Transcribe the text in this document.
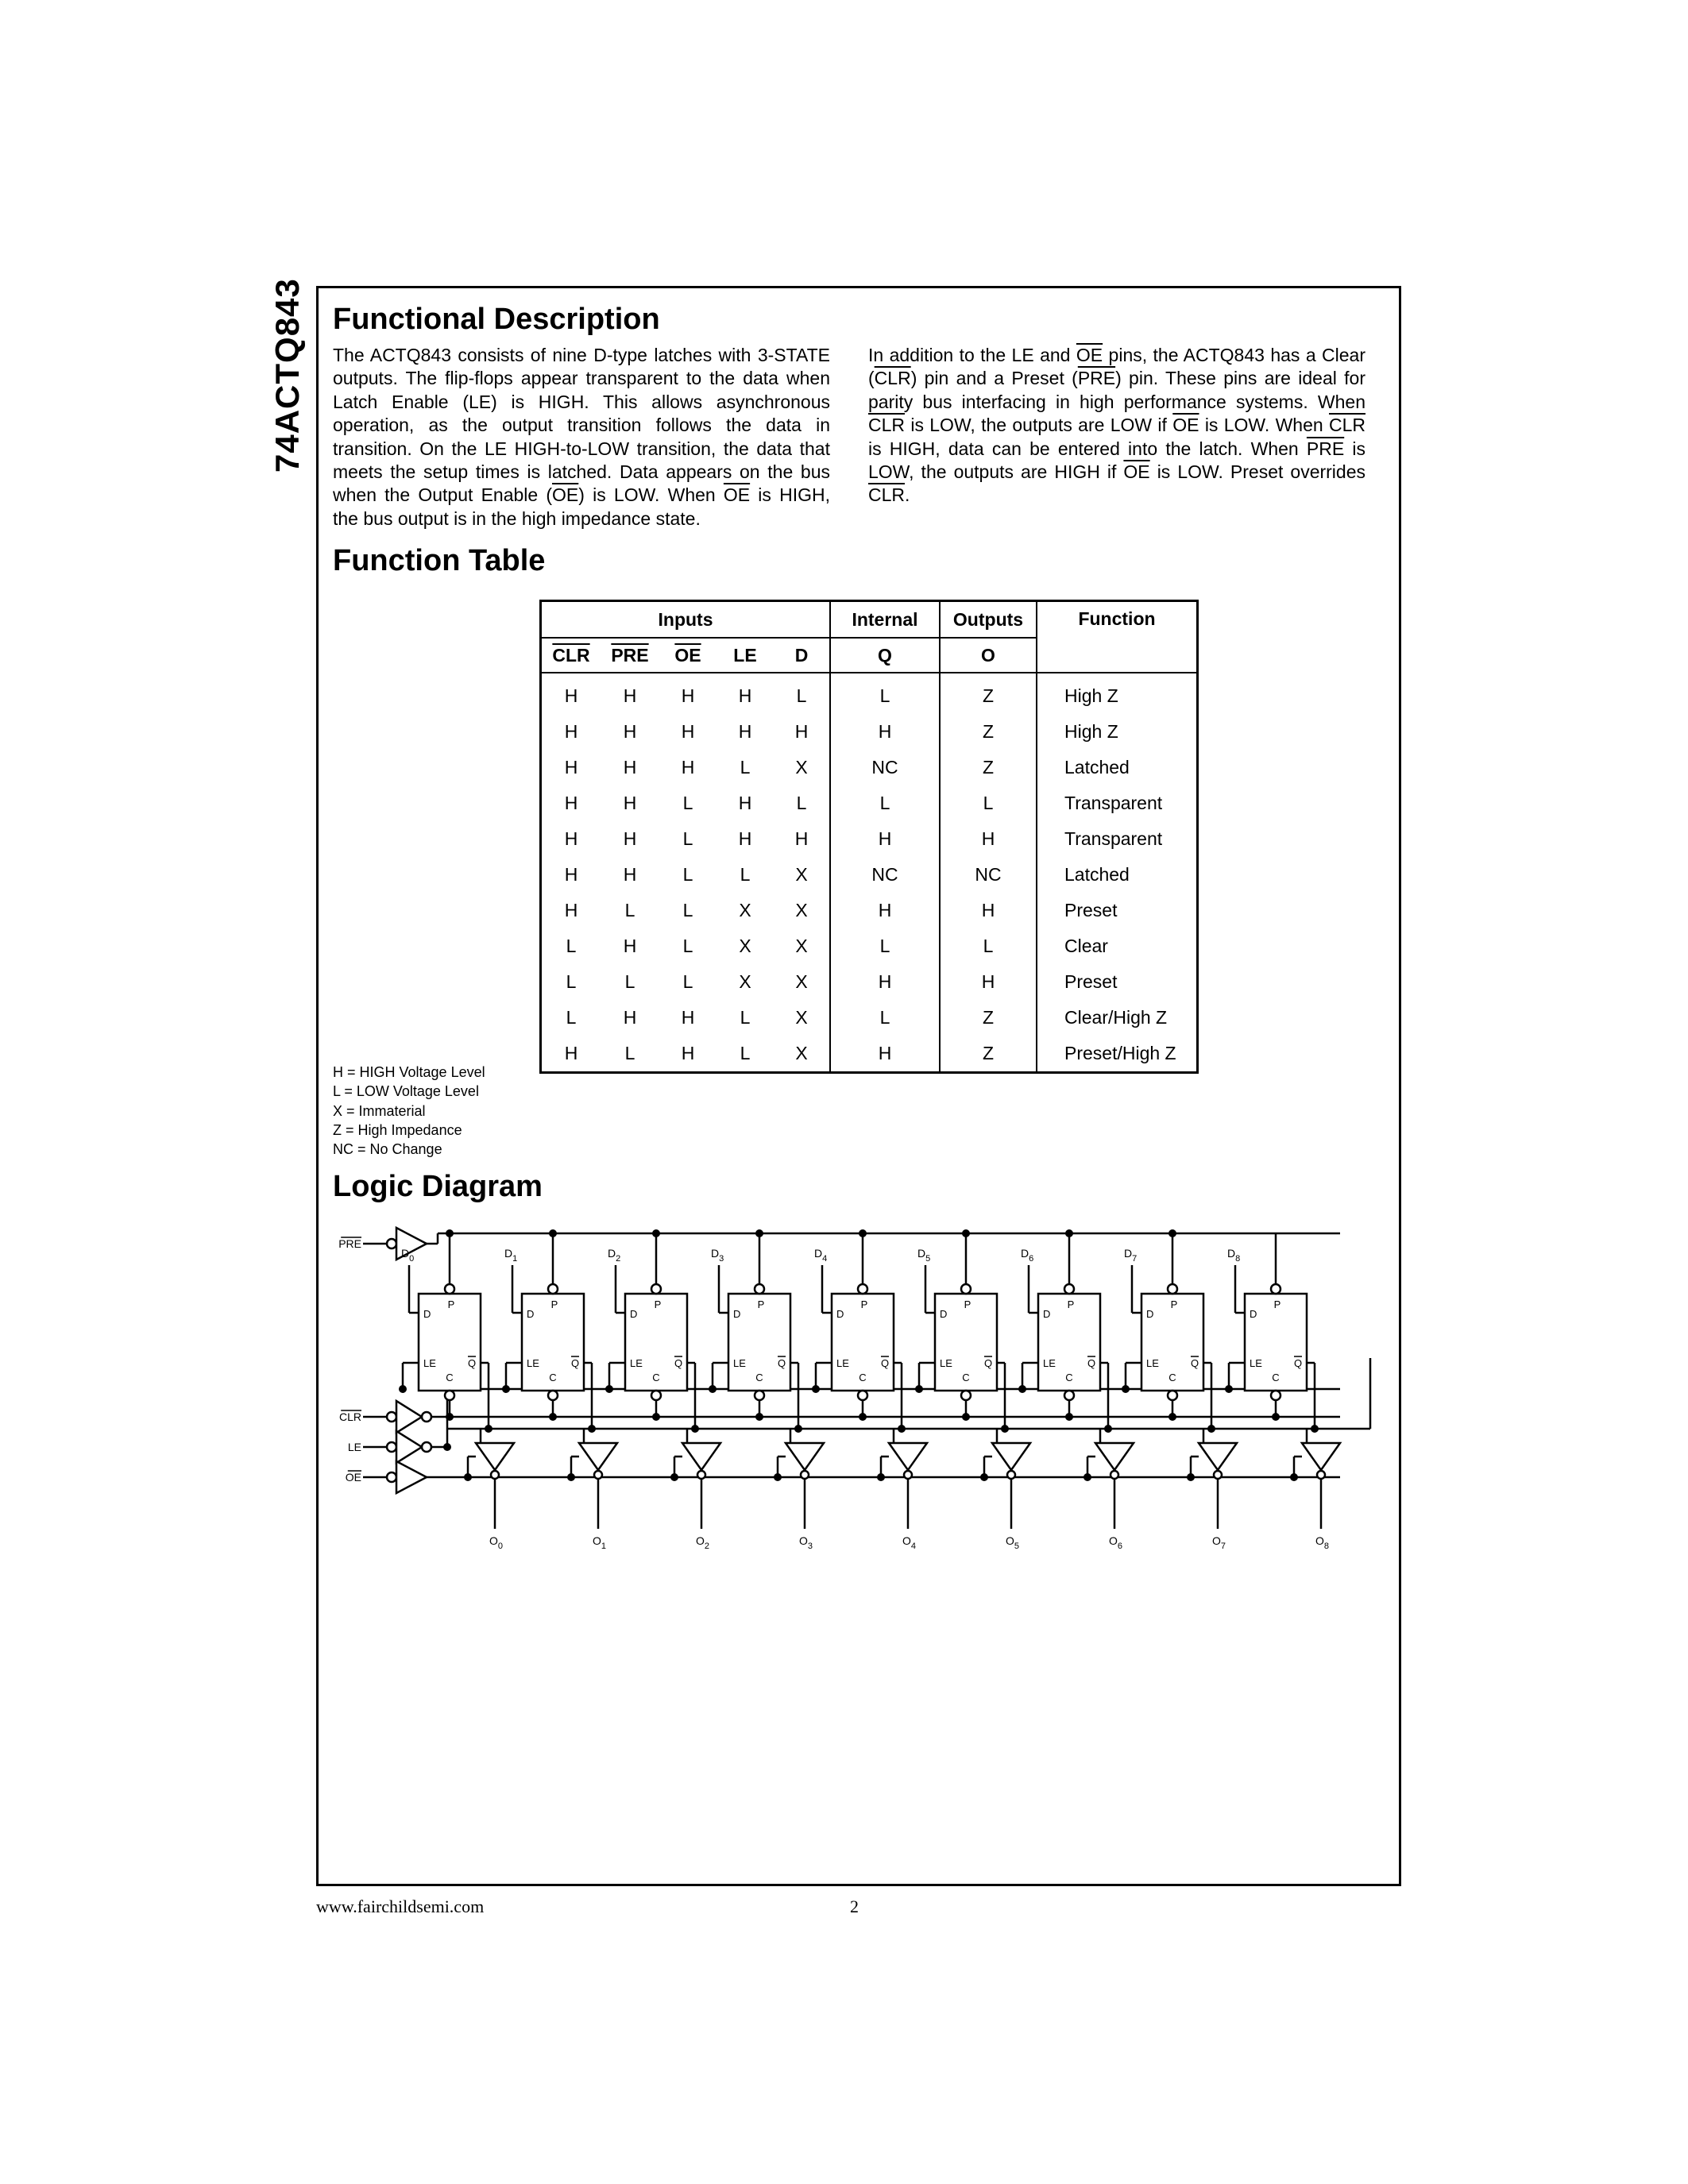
74ACTQ843 Functional Description
The ACTQ843 consists of nine D-type latches with 3-STATE outputs. The flip-flops appear transparent to the data when Latch Enable (LE) is HIGH. This allows asynchronous operation, as the output transition follows the data in transition. On the LE HIGH-to-LOW transition, the data that meets the setup times is latched. Data appears on the bus when the Output Enable $(\overline{OE})$ is LOW. When $\overline{OE}$ is HIGH, the bus output is in the high impedance state.
In addition to the LE and $\overline{OE}$ pins, the ACTQ843 has a Clear $(\overline{CLR})$ pin and a Preset $(\overline{PRE})$ pin. These pins are ideal for parity bus interfacing in high performance systems. When $\overline{CLR}$ is LOW, the outputs are LOW if $\overline{OE}$ is LOW. When $\overline{CLR}$ is HIGH, data can be entered into the latch. When $\overline{PRE}$ is LOW, the outputs are HIGH if $\overline{OE}$ is LOW. Preset overrides $\overline{CLR}$.
Function Table
Inputs					Internal	Outputs	Function
$\overline{CLR}$	$\overline{PRE}$	$\overline{OE}$	LE	D	Q	O	
H	H	H	H	L	L	Z	High Z
H	H	H	H	H	H	Z	High Z
H	H	H	L	X	NC	Z	Latched
H	H	L	H	L	L	L	Transparent
H	H	L	H	H	H	H	Transparent
H	H	L	L	X	NC	NC	Latched
H	L	L	X	X	H	H	Preset
L	H	L	X	X	L	L	Clear
L	L	L	X	X	H	H	Preset
L	H	H	L	X	L	Z	Clear/High Z
H	L	H	L	X	H	Z	Preset/High Z
H = HIGH Voltage Level
L = LOW Voltage Level
X = Immaterial
Z = High Impedance
NC = No Change
Logic Diagram
PRE
CLR
LE
OE
$D_0$
D
P
LE
C
Q
$O_0$
$D_1$
D
P
LE
C
Q
$O_1$
$D_2$
D
P
LE
C
Q
$O_2$
$D_3$
D
P
LE
C
Q
$O_3$
$D_4$
D
P
LE
C
Q
$O_4$
$D_5$
D
P
LE
C
Q
$O_5$
$D_6$
D
P
LE
C
Q
$O_6$
$D_7$
D
P
LE
C
Q
$O_7$
$D_8$
D
P
LE
C
Q
$O_8$
www.fairchildsemi.com	2
